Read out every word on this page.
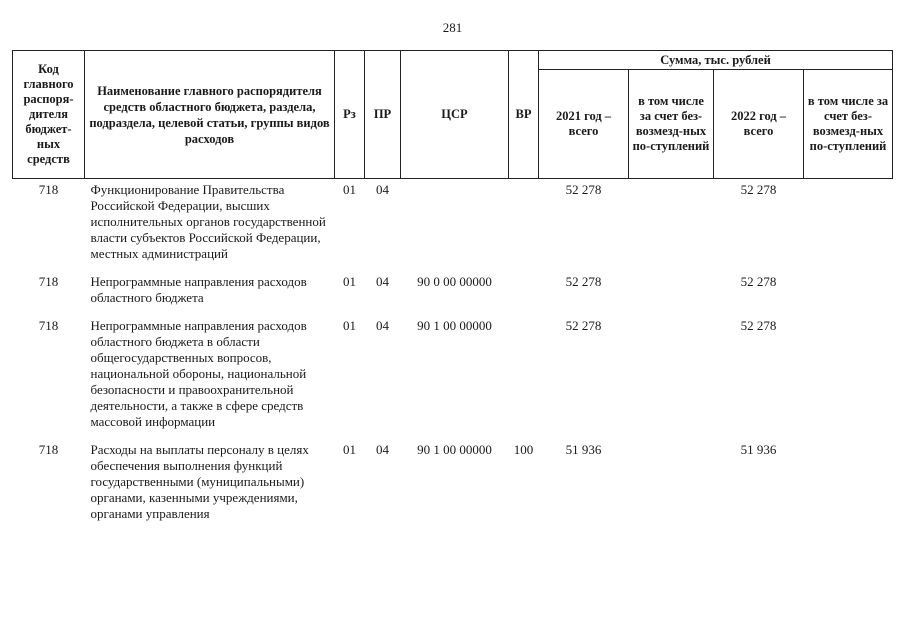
281
Код главного распоря-дителя бюджет-ных средств	Наименование главного распорядителя средств областного бюджета, раздела, подраздела, целевой статьи, группы видов расходов	Рз	ПР	ЦСР	ВР	Сумма, тыс. рублей			
						2021 год – всего	в том числе за счет без-возмезд-ных по-ступлений	2022 год – всего	в том числе за счет без-возмезд-ных по-ступлений
718	Функционирование Правительства Российской Федерации, высших исполнительных органов государственной власти субъектов Российской Федерации, местных администраций	01	04			52 278		52 278	

718	Непрограммные направления расходов областного бюджета	01	04	90 0 00 00000		52 278		52 278	

718	Непрограммные направления расходов областного бюджета в области общегосударственных вопросов, национальной обороны, национальной безопасности и правоохранительной деятельности, а также в сфере средств массовой информации	01	04	90 1 00 00000		52 278		52 278	

718	Расходы на выплаты персоналу в целях обеспечения выполнения функций государственными (муниципальными) органами, казенными учреждениями, органами управления	01	04	90 1 00 00000	100	51 936		51 936	
